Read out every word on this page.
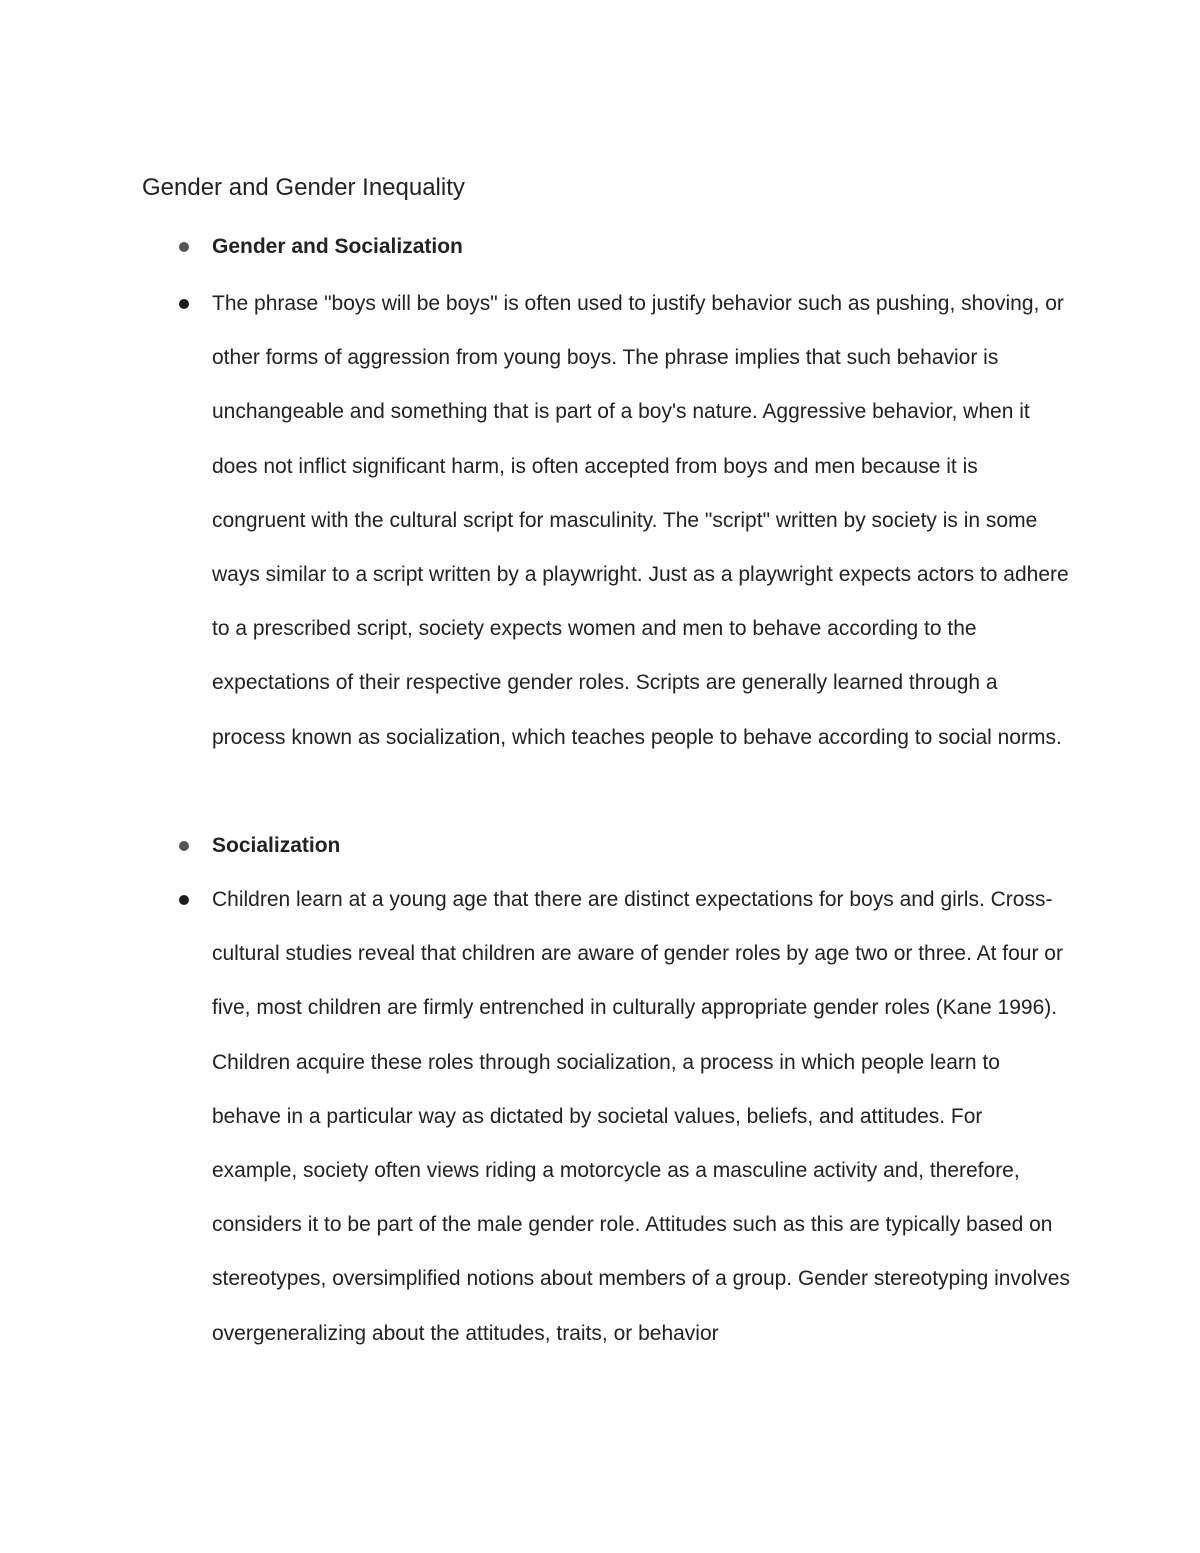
Gender and Gender Inequality
Gender and Socialization
The phrase "boys will be boys" is often used to justify behavior such as pushing, shoving, or other forms of aggression from young boys. The phrase implies that such behavior is unchangeable and something that is part of a boy's nature. Aggressive behavior, when it does not inflict significant harm, is often accepted from boys and men because it is congruent with the cultural script for masculinity. The "script" written by society is in some ways similar to a script written by a playwright. Just as a playwright expects actors to adhere to a prescribed script, society expects women and men to behave according to the expectations of their respective gender roles. Scripts are generally learned through a process known as socialization, which teaches people to behave according to social norms.
Socialization
Children learn at a young age that there are distinct expectations for boys and girls. Cross-cultural studies reveal that children are aware of gender roles by age two or three. At four or five, most children are firmly entrenched in culturally appropriate gender roles (Kane 1996). Children acquire these roles through socialization, a process in which people learn to behave in a particular way as dictated by societal values, beliefs, and attitudes. For example, society often views riding a motorcycle as a masculine activity and, therefore, considers it to be part of the male gender role. Attitudes such as this are typically based on stereotypes, oversimplified notions about members of a group. Gender stereotyping involves overgeneralizing about the attitudes, traits, or behavior
